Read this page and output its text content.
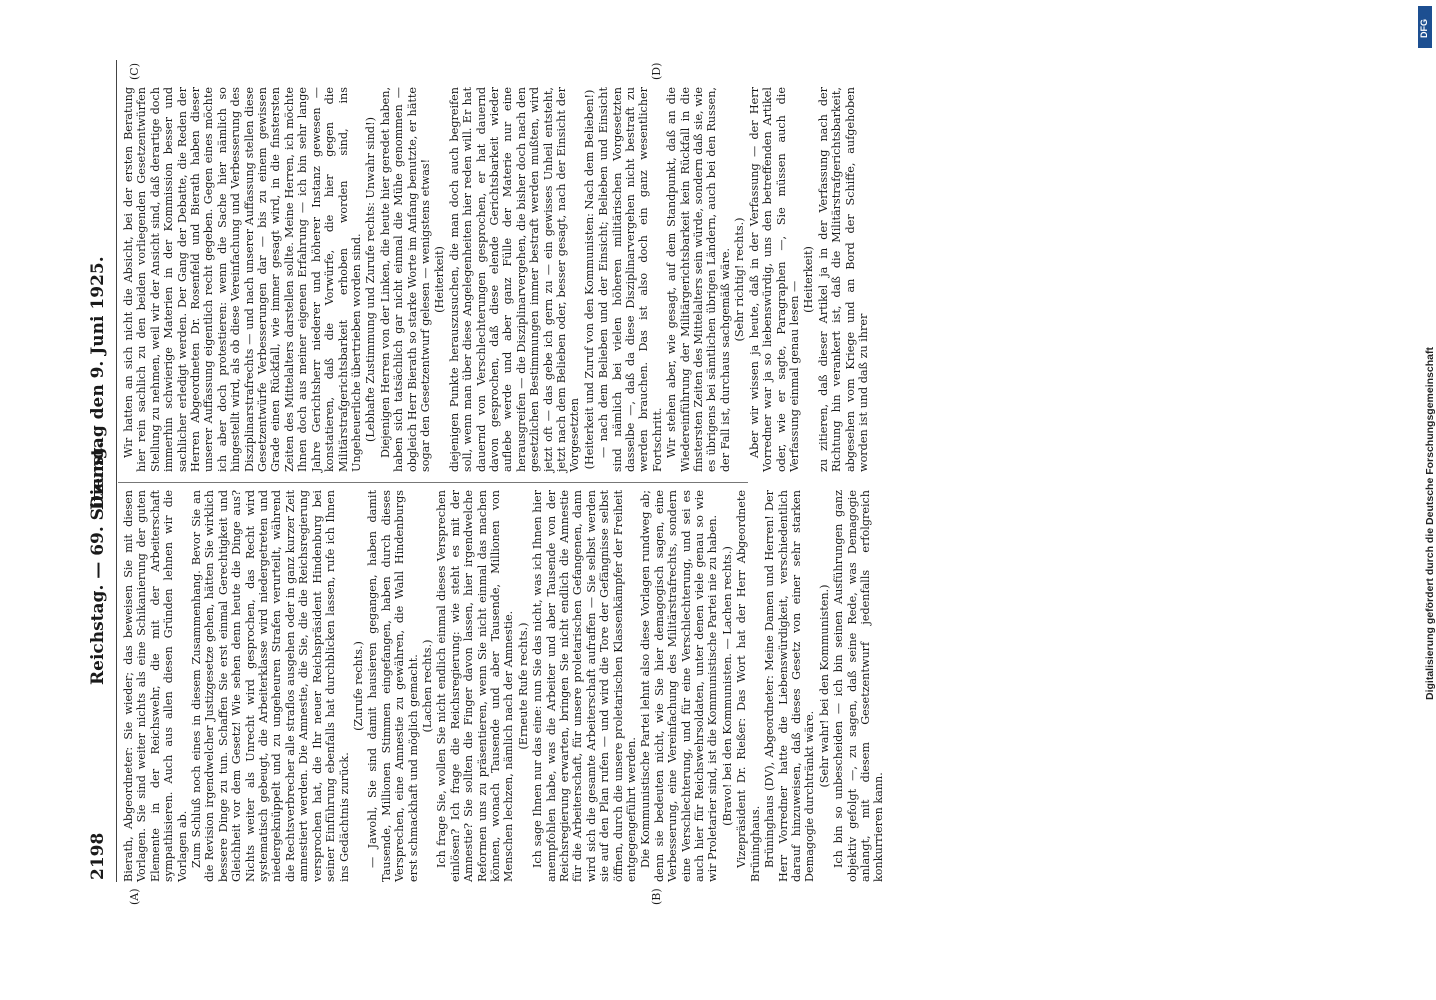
2198
Reichstag. — 69. Sitzung.
Dienstag den 9. Juni 1925.
(A)	(B)
(C)	(D)

Bierath, Abgeordneter: Sie wieder; das beweisen Sie mit diesen Vorlagen. Sie sind weiter nichts als eine Schikanierung der guten Elemente in der Reichswehr, die mit der Arbeiterschaft sympathisieren. Auch aus allen diesen Gründen lehnen wir die Vorlagen ab. Zum Schluß noch eines in diesem Zusammenhang. Bevor Sie an die Revision irgendwelcher Justizgesetze gehen, hätten Sie wirklich bessere Dinge zu tun. Schaffen Sie erst einmal Gerechtigkeit und Gleichheit vor dem Gesetz! Wie sehen denn heute die Dinge aus? Nichts weiter als Unrecht wird gesprochen, das Recht wird systematisch gebeugt, die Arbeiterklasse wird niedergetreten und niedergeknüppelt und zu ungeheuren Strafen verurteilt, während die Rechtsverbrecher alle straflos ausgehen oder in ganz kurzer Zeit amnestiert werden. Die Amnestie, die Sie, die die Reichsregierung versprochen hat, die Ihr neuer Reichspräsident Hindenburg bei seiner Einführung ebenfalls hat durchblicken lassen, rufe ich Ihnen ins Gedächtnis zurück.

(Zurufe rechts.) — Jawohl, Sie sind damit hausieren gegangen, haben damit Tausende, Millionen Stimmen eingefangen, haben durch dieses Versprechen, eine Amnestie zu gewähren, die Wahl Hindenburgs erst schmackhaft und möglich gemacht. (Lachen rechts.) Ich frage Sie, wollen Sie nicht endlich einmal dieses Versprechen einlösen? Ich frage die Reichsregierung: wie steht es mit der Amnestie? Sie sollten die Finger davon lassen, hier irgendwelche Reformen uns zu präsentieren, wenn Sie nicht einmal das machen können, wonach Tausende und aber Tausende, Millionen von Menschen lechzen, nämlich nach der Amnestie. (Erneute Rufe rechts.) Ich sage Ihnen nur das eine: nun Sie das nicht, was ich Ihnen hier anempfohlen habe, was die Arbeiter und aber Tausende von der Reichsregierung erwarten, bringen Sie nicht endlich die Amnestie für die Arbeiterschaft, für unsere proletarischen Gefangenen, dann wird sich die gesamte Arbeiterschaft aufraffen — Sie selbst werden sie auf den Plan rufen — und wird die Tore der Gefängnisse selbst öffnen, durch die unsere proletarischen Klassenkämpfer der Freiheit entgegengeführt werden. Die Kommunistische Partei lehnt also diese Vorlagen rundweg ab; denn sie bedeuten nicht, wie Sie hier demagogisch sagen, eine Verbesserung, eine Vereinfachung des Militärstrafrechts, sondern eine Verschlechterung, und für eine Verschlechterung, und sei es auch hier für Reichswehrsoldaten, unter denen viele genau so wie wir Proletarier sind, ist die Kommunistische Partei nie zu haben. (Bravo! bei den Kommunisten. — Lachen rechts.) Vizepräsident Dr. Rießer: Das Wort hat der Herr Abgeordnete Brüninghaus. Brüninghaus (DV), Abgeordneter: Meine Damen und Herren! Der Herr Vorredner hatte die Liebenswürdigkeit, verschiedentlich darauf hinzuweisen, daß dieses Gesetz von einer sehr starken Demagogie durchtränkt wäre.

(Sehr wahr! bei den Kommunisten.) Ich bin so unbescheiden — ich bin seinen Ausführungen ganz objektiv gefolgt —, zu sagen, daß seine Rede, was Demagogie anlangt, mit diesem Gesetzentwurf jedenfalls erfolgreich konkurrieren kann.

Wir hatten an sich nicht die Absicht, bei der ersten Beratung hier rein sachlich zu den beiden vorliegenden Gesetzentwürfen Stellung zu nehmen, weil wir der Ansicht sind, daß derartige doch immerhin schwierige Materien in der Kommission besser und sachlicher erledigt werden. Der Gang der Debatte, die Reden der Herren Abgeordneten Dr. Rosenfeld und Bierath haben dieser unserer Auffassung eigentlich recht gegeben. Gegen eines möchte ich aber doch protestieren: wenn die Sache hier nämlich so hingestellt wird, als ob diese Vereinfachung und Verbesserung des Disziplinarstrafrechts — und nach unserer Auffassung stellen diese Gesetzentwürfe Verbesserungen dar — bis zu einem gewissen Grade einen Rückfall, wie immer gesagt wird, in die finstersten Zeiten des Mittelalters darstellen sollte. Meine Herren, ich möchte Ihnen doch aus meiner eigenen Erfahrung — ich bin sehr lange Jahre Gerichtsherr niederer und höherer Instanz gewesen — konstatieren, daß die Vorwürfe, die hier gegen die Militärstrafgerichtsbarkeit erhoben worden sind, ins Ungeheuerliche übertrieben worden sind. (Lebhafte Zustimmung und Zurufe rechts: Unwahr sind!) Diejenigen Herren von der Linken, die heute hier geredet haben, haben sich tatsächlich gar nicht einmal die Mühe genommen — obgleich Herr Bierath so starke Worte im Anfang benutzte, er hätte sogar den Gesetzentwurf gelesen — wenigstens etwas! (Heiterkeit) diejenigen Punkte herauszusuchen, die man doch auch begreifen soll, wenn man über diese Angelegenheiten hier reden will. Er hat dauernd von Verschlechterungen gesprochen, er hat dauernd davon gesprochen, daß diese elende Gerichtsbarkeit wieder auflebe werde und aber ganz Fülle der Materie nur eine herausgreifen — die Disziplinarvergehen, die bisher doch nach den gesetzlichen Bestimmungen immer bestraft werden mußten, wird jetzt oft — das gebe ich gern zu — ein gewisses Unheil entsteht, jetzt nach dem Belieben oder, besser gesagt, nach der Einsicht der Vorgesetzten (Heiterkeit und Zuruf von den Kommunisten: Nach dem Belieben!) — nach dem Belieben und der Einsicht; Belieben und Einsicht sind nämlich bei vielen höheren militärischen Vorgesetzten dasselbe —, daß da diese Disziplinarvergehen nicht bestraft zu werden brauchen. Das ist also doch ein ganz wesentlicher Fortschritt. Wir stehen aber, wie gesagt, auf dem Standpunkt, daß an die Wiedereinführung der Militärgerichtsbarkeit kein Rückfall in die finstersten Zeiten des Mittelalters sein würde, sondern daß sie, wie es übrigens bei sämtlichen übrigen Ländern, auch bei den Russen, der Fall ist, durchaus sachgemäß wäre. (Sehr richtig! rechts.) Aber wir wissen ja heute, daß in der Verfassung — der Herr Vorredner war ja so liebenswürdig, uns den betreffenden Artikel oder, wie er sagte, Paragraphen —, Sie müssen auch die Verfassung einmal genau lesen —

(Heiterkeit) zu zitieren, daß dieser Artikel ja in der Verfassung nach der Richtung hin verankert ist, daß die Militärstrafgerichtsbarkeit, abgesehen vom Kriege und an Bord der Schiffe, aufgehoben worden ist und daß zu ihrer	Digitalisierung gefördert durch die Deutsche Forschungsgemeinschaft
DFG
